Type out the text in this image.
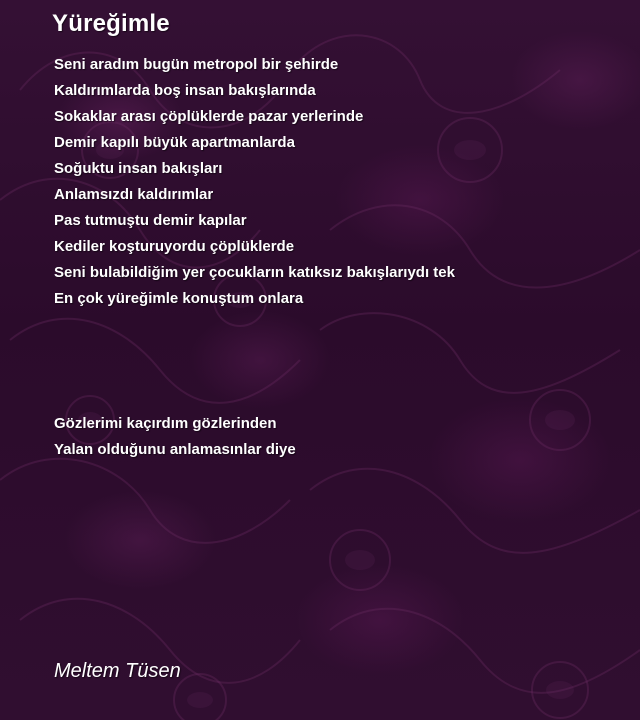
Yüreğimle
Seni aradım bugün metropol bir şehirde
Kaldırımlarda boş insan bakışlarında
Sokaklar arası çöplüklerde pazar yerlerinde
Demir kapılı büyük apartmanlarda
Soğuktu insan bakışları
Anlamsızdı kaldırımlar
Pas tutmuştu demir kapılar
Kediler koşturuyordu çöplüklerde
Seni bulabildiğim yer çocukların katıksız bakışlarıydı tek
En çok yüreğimle konuştum onlara
Gözlerimi kaçırdım gözlerinden
Yalan olduğunu anlamasınlar diye
Meltem Tüsen
